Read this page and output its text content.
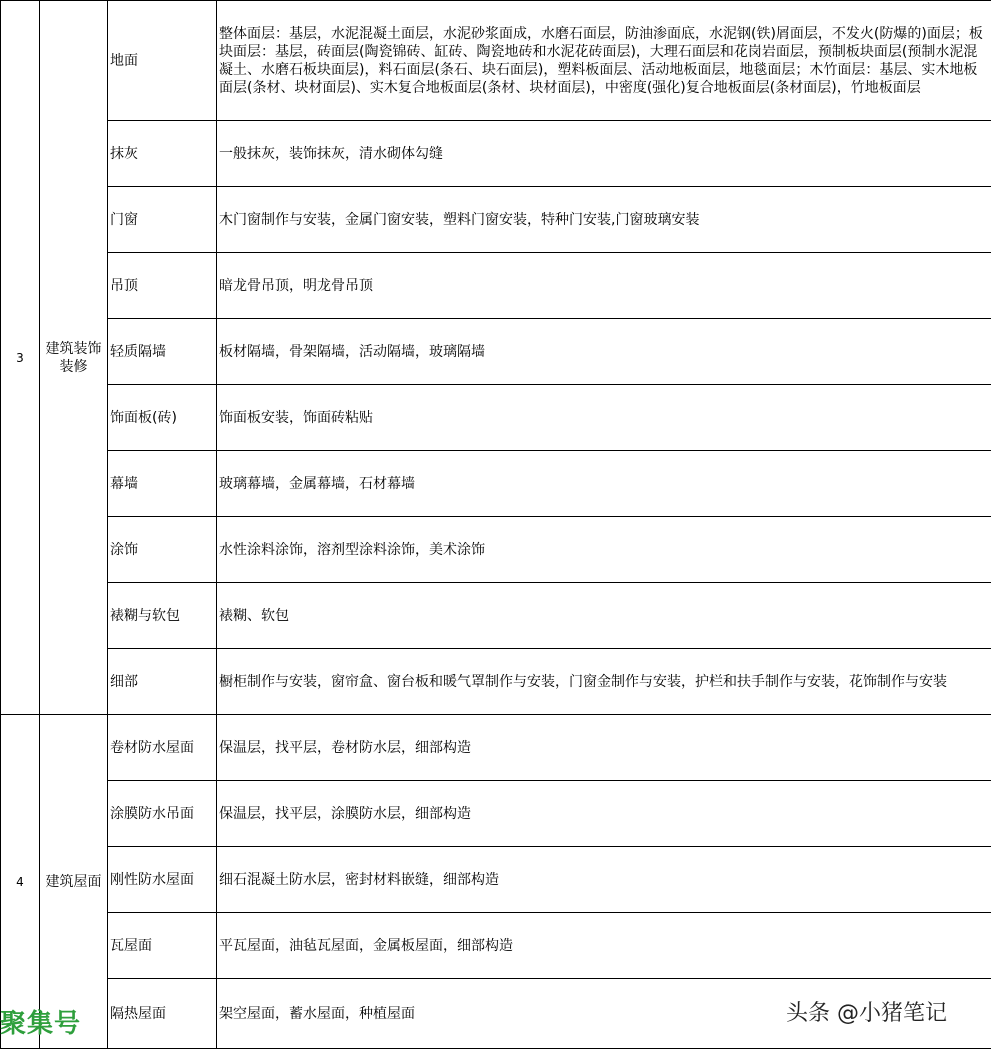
3	建筑装饰装修	地面	整体面层：基层，水泥混凝土面层，水泥砂浆面成，水磨石面层，防油渗面底，水泥钢(铁)屑面层，不发火(防爆的)面层；板块面层：基层，砖面层(陶瓷锦砖、缸砖、陶瓷地砖和水泥花砖面层)，大理石面层和花岗岩面层，预制板块面层(预制水泥混凝土、水磨石板块面层)，料石面层(条石、块石面层)，塑料板面层、活动地板面层，地毯面层；木竹面层：基层、实木地板面层(条材、块材面层)、实木复合地板面层(条材、块材面层)，中密度(强化)复合地板面层(条材面层)，竹地板面层
		抹灰	一般抹灰，装饰抹灰，清水砌体勾缝
		门窗	木门窗制作与安装，金属门窗安装，塑料门窗安装，特种门安装,门窗玻璃安装
		吊顶	暗龙骨吊顶，明龙骨吊顶
		轻质隔墙	板材隔墙，骨架隔墙，活动隔墙，玻璃隔墙
		饰面板(砖)	饰面板安装，饰面砖粘贴
		幕墙	玻璃幕墙，金属幕墙，石材幕墙
		涂饰	水性涂料涂饰，溶剂型涂料涂饰，美术涂饰
		裱糊与软包	裱糊、软包
		细部	橱柜制作与安装，窗帘盒、窗台板和暖气罩制作与安装，门窗金制作与安装，护栏和扶手制作与安装，花饰制作与安装
4	建筑屋面	卷材防水屋面	保温层，找平层，卷材防水层，细部构造
		涂膜防水吊面	保温层，找平层，涂膜防水层，细部构造
		刚性防水屋面	细石混凝土防水层，密封材料嵌缝，细部构造
		瓦屋面	平瓦屋面，油毡瓦屋面，金属板屋面，细部构造
		隔热屋面	架空屋面，蓄水屋面，种植屋面
聚集号	头条 @小猪笔记
